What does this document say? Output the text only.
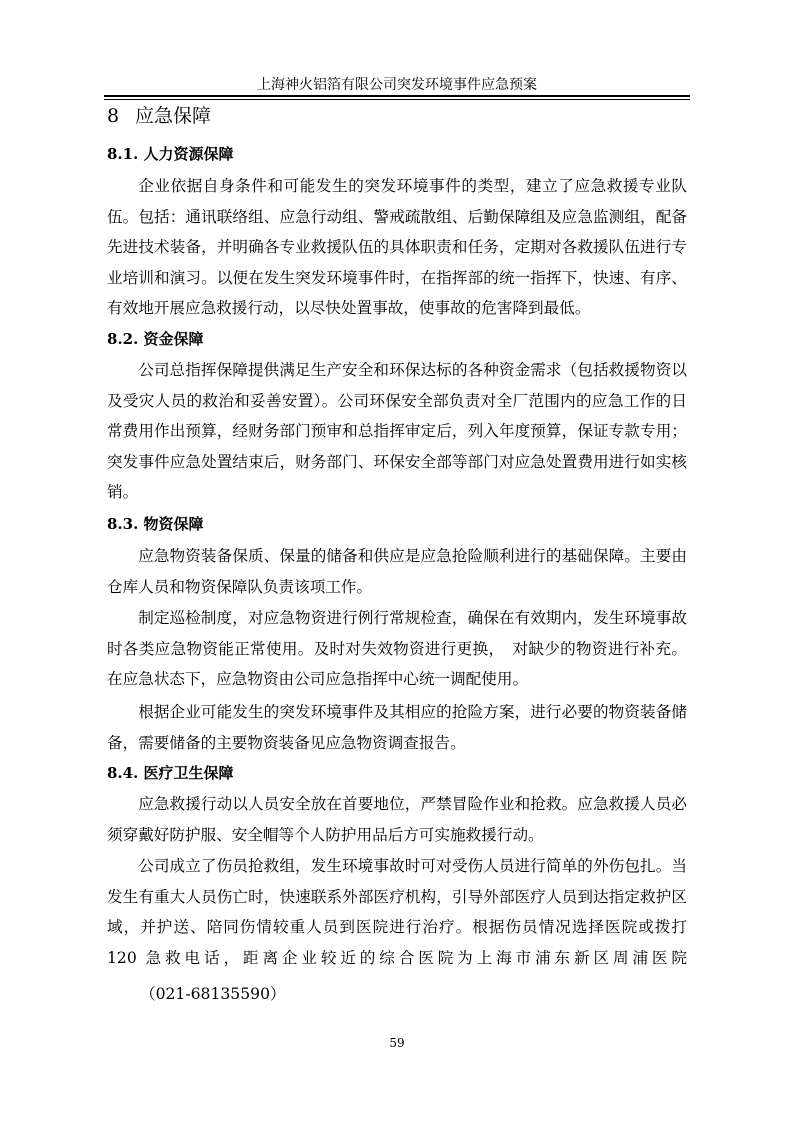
上海神火铝箔有限公司突发环境事件应急预案
8 应急保障
8.1. 人力资源保障

企业依据自身条件和可能发生的突发环境事件的类型，建立了应急救援专业队伍。包括：通讯联络组、应急行动组、警戒疏散组、后勤保障组及应急监测组，配备先进技术装备，并明确各专业救援队伍的具体职责和任务，定期对各救援队伍进行专业培训和演习。以便在发生突发环境事件时，在指挥部的统一指挥下，快速、有序、有效地开展应急救援行动，以尽快处置事故，使事故的危害降到最低。

8.2. 资金保障

公司总指挥保障提供满足生产安全和环保达标的各种资金需求（包括救援物资以及受灾人员的救治和妥善安置）。公司环保安全部负责对全厂范围内的应急工作的日常费用作出预算，经财务部门预审和总指挥审定后，列入年度预算，保证专款专用；突发事件应急处置结束后，财务部门、环保安全部等部门对应急处置费用进行如实核销。

8.3. 物资保障

应急物资装备保质、保量的储备和供应是应急抢险顺利进行的基础保障。主要由仓库人员和物资保障队负责该项工作。

制定巡检制度，对应急物资进行例行常规检查，确保在有效期内，发生环境事故时各类应急物资能正常使用。及时对失效物资进行更换，　对缺少的物资进行补充。在应急状态下，应急物资由公司应急指挥中心统一调配使用。

根据企业可能发生的突发环境事件及其相应的抢险方案，进行必要的物资装备储备，需要储备的主要物资装备见应急物资调查报告。

8.4. 医疗卫生保障

应急救援行动以人员安全放在首要地位，严禁冒险作业和抢救。应急救援人员必须穿戴好防护服、安全帽等个人防护用品后方可实施救援行动。

公司成立了伤员抢救组，发生环境事故时可对受伤人员进行简单的外伤包扎。当发生有重大人员伤亡时，快速联系外部医疗机构，引导外部医疗人员到达指定救护区域，并护送、陪同伤情较重人员到医院进行治疗。根据伤员情况选择医院或拨打 120 急救电话，距离企业较近的综合医院为上海市浦东新区周浦医院

（021-68135590）
59
